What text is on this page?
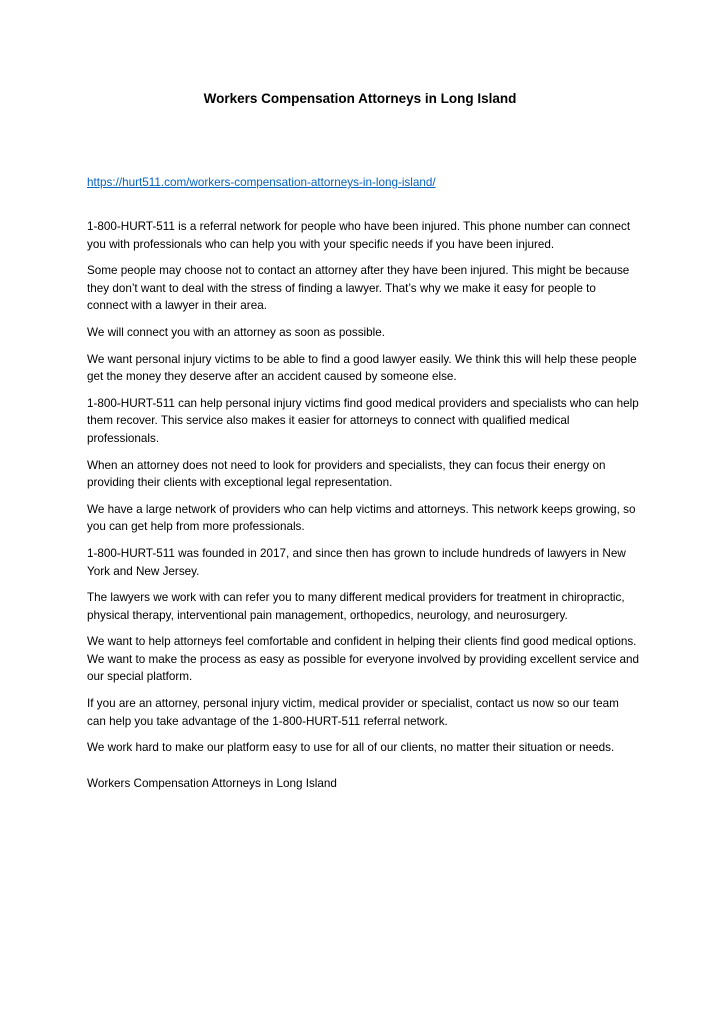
Workers Compensation Attorneys in Long Island
https://hurt511.com/workers-compensation-attorneys-in-long-island/

1-800-HURT-511 is a referral network for people who have been injured. This phone number can connect you with professionals who can help you with your specific needs if you have been injured.

Some people may choose not to contact an attorney after they have been injured. This might be because they don’t want to deal with the stress of finding a lawyer. That’s why we make it easy for people to connect with a lawyer in their area.

We will connect you with an attorney as soon as possible.

We want personal injury victims to be able to find a good lawyer easily. We think this will help these people get the money they deserve after an accident caused by someone else.

1-800-HURT-511 can help personal injury victims find good medical providers and specialists who can help them recover. This service also makes it easier for attorneys to connect with qualified medical professionals.

When an attorney does not need to look for providers and specialists, they can focus their energy on providing their clients with exceptional legal representation.

We have a large network of providers who can help victims and attorneys. This network keeps growing, so you can get help from more professionals.

1-800-HURT-511 was founded in 2017, and since then has grown to include hundreds of lawyers in New York and New Jersey.

The lawyers we work with can refer you to many different medical providers for treatment in chiropractic, physical therapy, interventional pain management, orthopedics, neurology, and neurosurgery.

We want to help attorneys feel comfortable and confident in helping their clients find good medical options. We want to make the process as easy as possible for everyone involved by providing excellent service and our special platform.

If you are an attorney, personal injury victim, medical provider or specialist, contact us now so our team can help you take advantage of the 1-800-HURT-511 referral network.

We work hard to make our platform easy to use for all of our clients, no matter their situation or needs.

Workers Compensation Attorneys in Long Island
